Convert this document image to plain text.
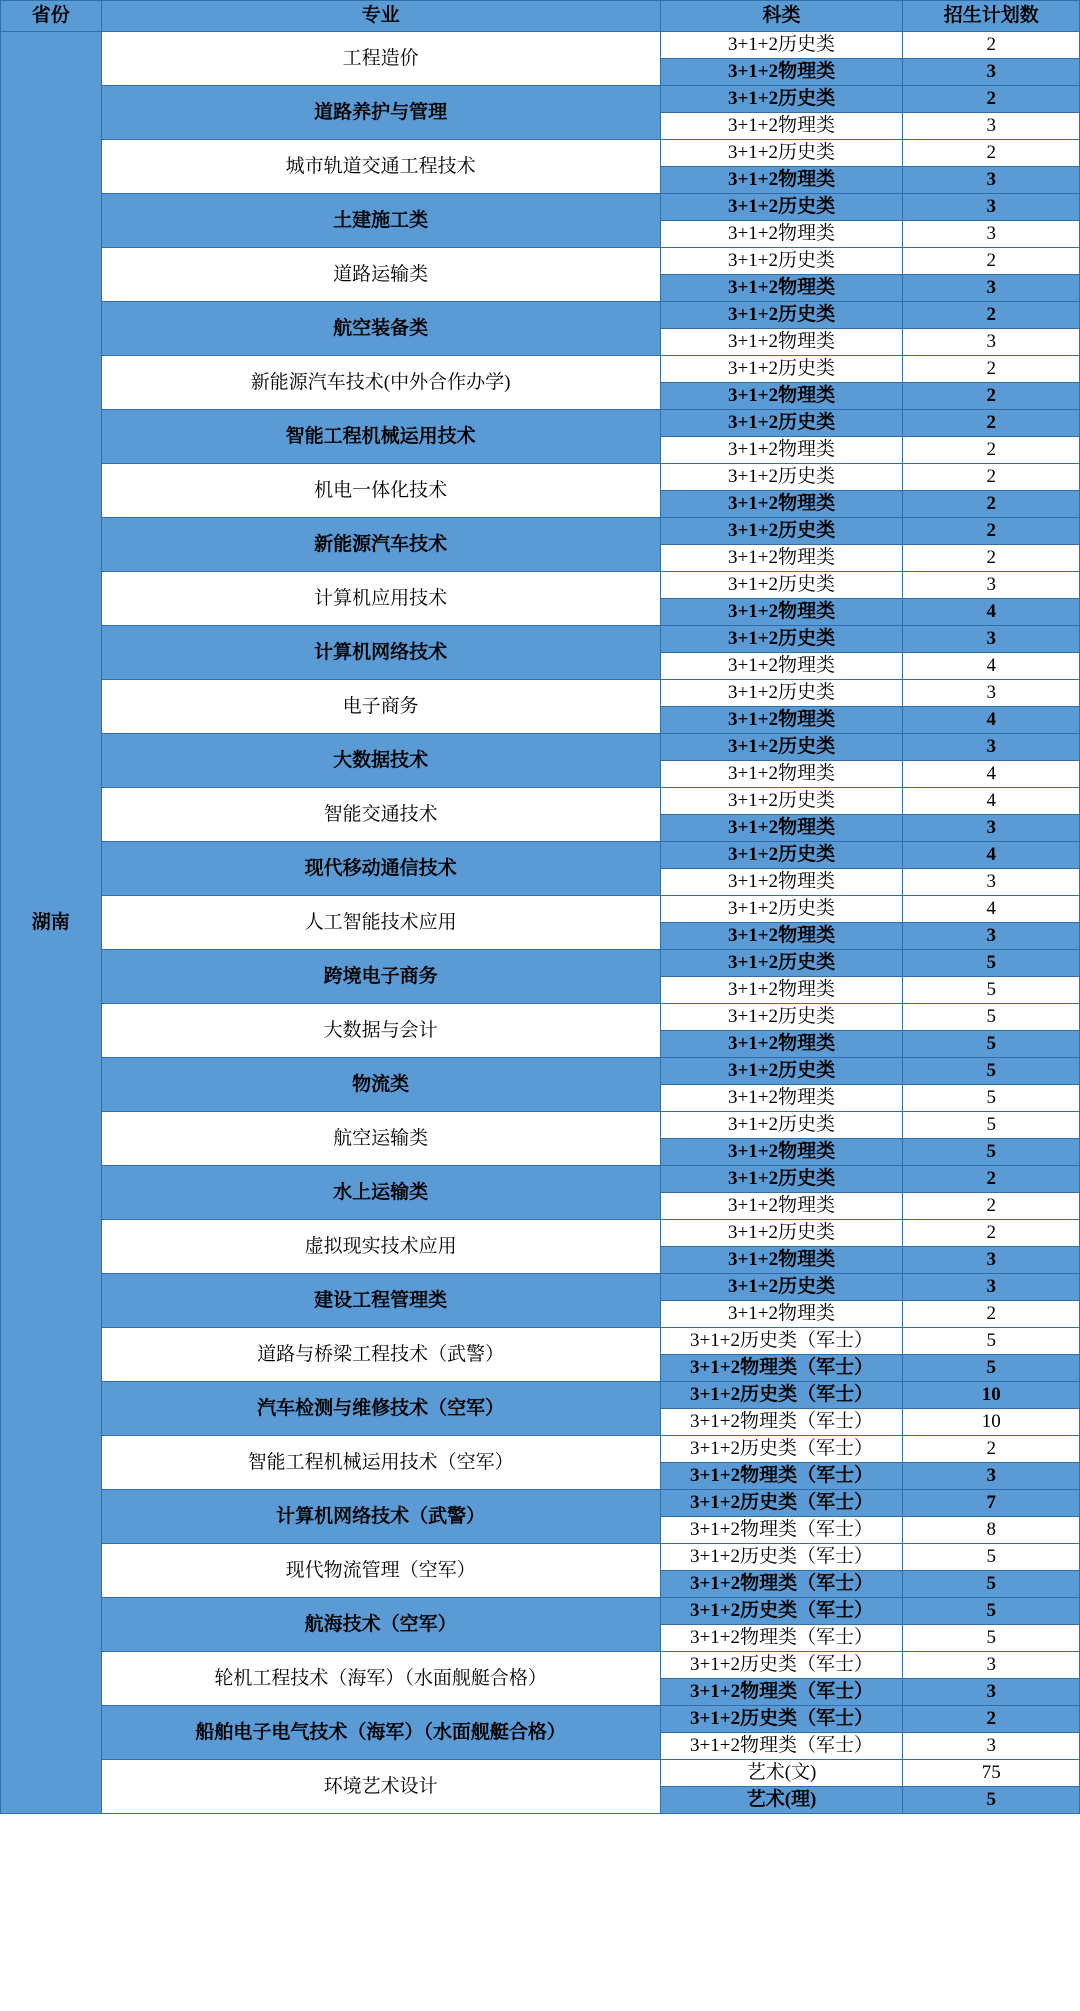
省份	专业	科类	招生计划数
湖南	工程造价	3+1+2历史类	2
		3+1+2物理类	3
	道路养护与管理	3+1+2历史类	2
		3+1+2物理类	3
	城市轨道交通工程技术	3+1+2历史类	2
		3+1+2物理类	3
	土建施工类	3+1+2历史类	3
		3+1+2物理类	3
	道路运输类	3+1+2历史类	2
		3+1+2物理类	3
	航空装备类	3+1+2历史类	2
		3+1+2物理类	3
	新能源汽车技术(中外合作办学)	3+1+2历史类	2
		3+1+2物理类	2
	智能工程机械运用技术	3+1+2历史类	2
		3+1+2物理类	2
	机电一体化技术	3+1+2历史类	2
		3+1+2物理类	2
	新能源汽车技术	3+1+2历史类	2
		3+1+2物理类	2
	计算机应用技术	3+1+2历史类	3
		3+1+2物理类	4
	计算机网络技术	3+1+2历史类	3
		3+1+2物理类	4
	电子商务	3+1+2历史类	3
		3+1+2物理类	4
	大数据技术	3+1+2历史类	3
		3+1+2物理类	4
	智能交通技术	3+1+2历史类	4
		3+1+2物理类	3
	现代移动通信技术	3+1+2历史类	4
		3+1+2物理类	3
	人工智能技术应用	3+1+2历史类	4
		3+1+2物理类	3
	跨境电子商务	3+1+2历史类	5
		3+1+2物理类	5
	大数据与会计	3+1+2历史类	5
		3+1+2物理类	5
	物流类	3+1+2历史类	5
		3+1+2物理类	5
	航空运输类	3+1+2历史类	5
		3+1+2物理类	5
	水上运输类	3+1+2历史类	2
		3+1+2物理类	2
	虚拟现实技术应用	3+1+2历史类	2
		3+1+2物理类	3
	建设工程管理类	3+1+2历史类	3
		3+1+2物理类	2
	道路与桥梁工程技术（武警）	3+1+2历史类（军士）	5
		3+1+2物理类（军士）	5
	汽车检测与维修技术（空军）	3+1+2历史类（军士）	10
		3+1+2物理类（军士）	10
	智能工程机械运用技术（空军）	3+1+2历史类（军士）	2
		3+1+2物理类（军士）	3
	计算机网络技术（武警）	3+1+2历史类（军士）	7
		3+1+2物理类（军士）	8
	现代物流管理（空军）	3+1+2历史类（军士）	5
		3+1+2物理类（军士）	5
	航海技术（空军）	3+1+2历史类（军士）	5
		3+1+2物理类（军士）	5
	轮机工程技术（海军）（水面舰艇合格）	3+1+2历史类（军士）	3
		3+1+2物理类（军士）	3
	船舶电子电气技术（海军）（水面舰艇合格）	3+1+2历史类（军士）	2
		3+1+2物理类（军士）	3
	环境艺术设计	艺术(文)	75
		艺术(理)	5
